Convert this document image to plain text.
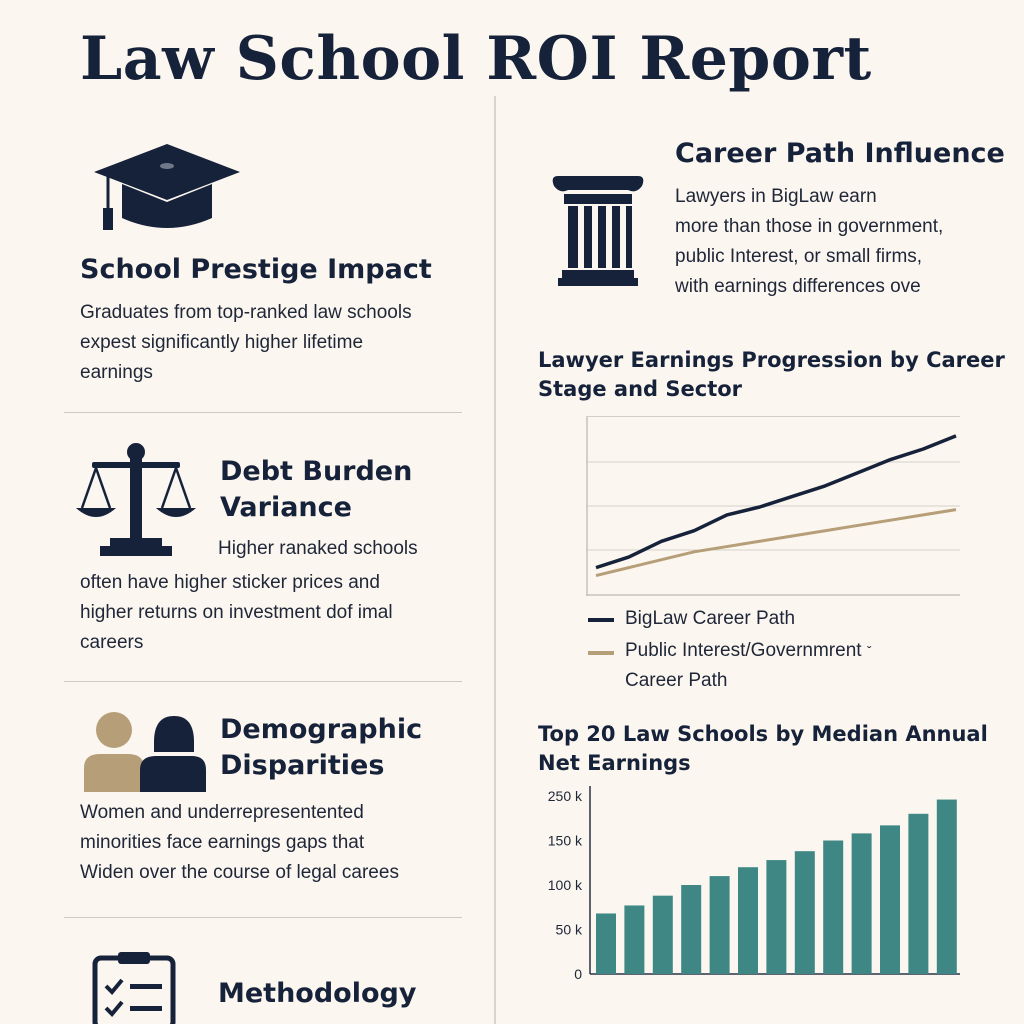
Law School ROI Report
School Prestige Impact
Graduates from top-ranked law schools
expest significantly higher lifetime
earnings
Debt Burden
Variance
Higher ranaked schools
often have higher sticker prices and
higher returns on investment dof imal
careers
Demographic
Disparities
Women and underrepresentented
minorities face earnings gaps that
Widen over the course of legal carees
Methodology
Career Path Influence
Lawyers in BigLaw earn
more than those in government,
public Interest, or small firms,
with earnings differences ove
Lawyer Earnings Progression by Career
Stage and Sector
BigLaw Career Path
Public Interest/Governmrent $^ˇ$
Career Path
Top 20 Law Schools by Median Annual
Net Earnings
250 k
150 k
100 k
50 k
0
